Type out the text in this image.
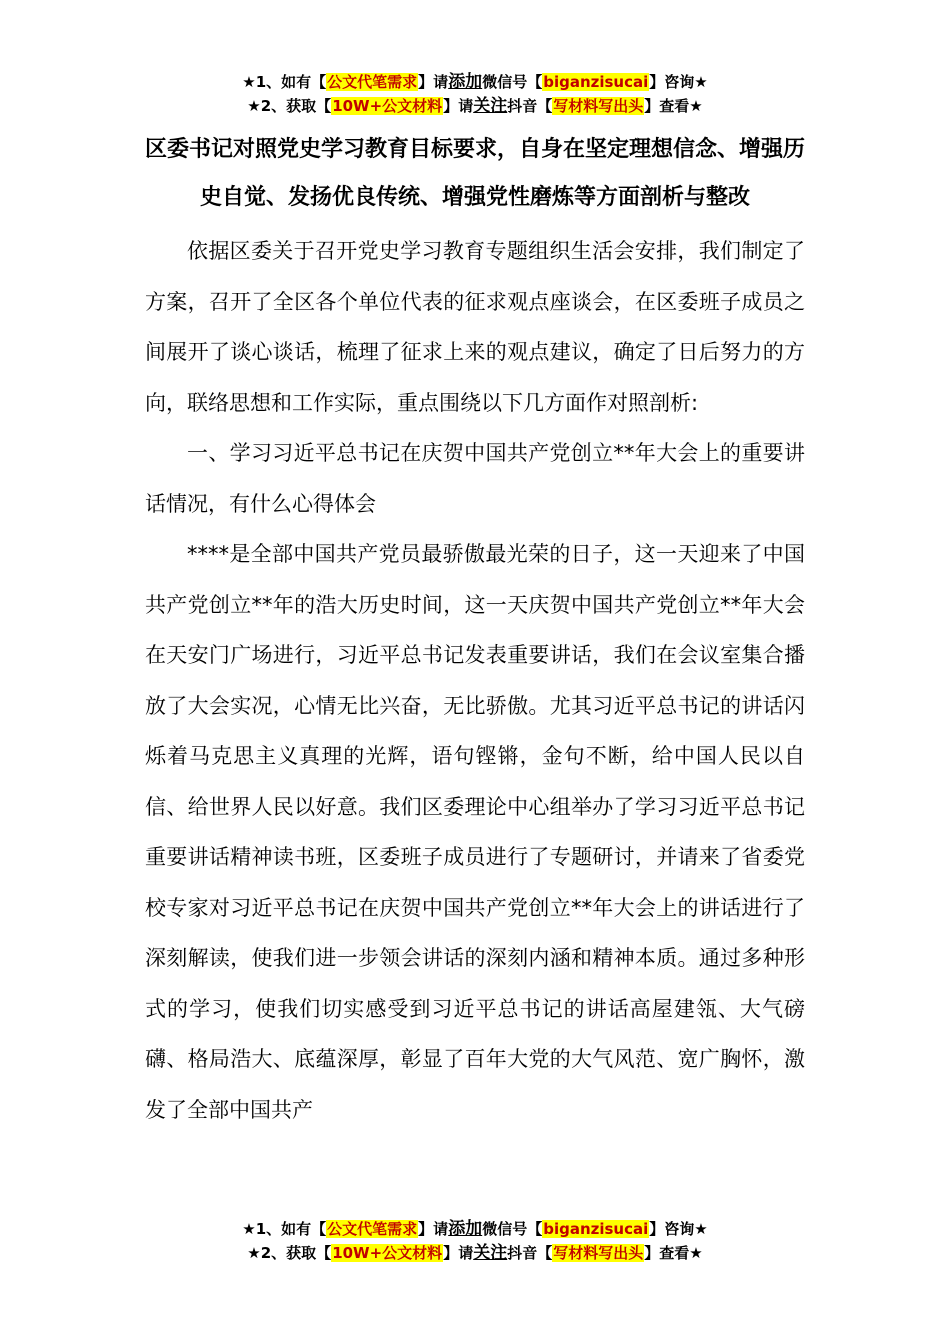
★1、如有【公文代笔需求】请添加微信号【biganzisucai】咨询★
★2、获取【10W+公文材料】请关注抖音【写材料写出头】查看★
区委书记对照党史学习教育目标要求，自身在坚定理想信念、增强历史自觉、发扬优良传统、增强党性磨炼等方面剖析与整改

依据区委关于召开党史学习教育专题组织生活会安排，我们制定了方案，召开了全区各个单位代表的征求观点座谈会，在区委班子成员之间展开了谈心谈话，梳理了征求上来的观点建议，确定了日后努力的方向，联络思想和工作实际，重点围绕以下几方面作对照剖析:

一、学习习近平总书记在庆贺中国共产党创立**年大会上的重要讲话情况，有什么心得体会

****是全部中国共产党员最骄傲最光荣的日子，这一天迎来了中国共产党创立**年的浩大历史时间，这一天庆贺中国共产党创立**年大会在天安门广场进行，习近平总书记发表重要讲话，我们在会议室集合播放了大会实况，心情无比兴奋，无比骄傲。尤其习近平总书记的讲话闪烁着马克思主义真理的光辉，语句铿锵，金句不断，给中国人民以自信、给世界人民以好意。我们区委理论中心组举办了学习习近平总书记重要讲话精神读书班，区委班子成员进行了专题研讨，并请来了省委党校专家对习近平总书记在庆贺中国共产党创立**年大会上的讲话进行了深刻解读，使我们进一步领会讲话的深刻内涵和精神本质。通过多种形式的学习，使我们切实感受到习近平总书记的讲话高屋建瓴、大气磅礴、格局浩大、底蕴深厚，彰显了百年大党的大气风范、宽广胸怀，激发了全部中国共产

★1、如有【公文代笔需求】请添加微信号【biganzisucai】咨询★
★2、获取【10W+公文材料】请关注抖音【写材料写出头】查看★
